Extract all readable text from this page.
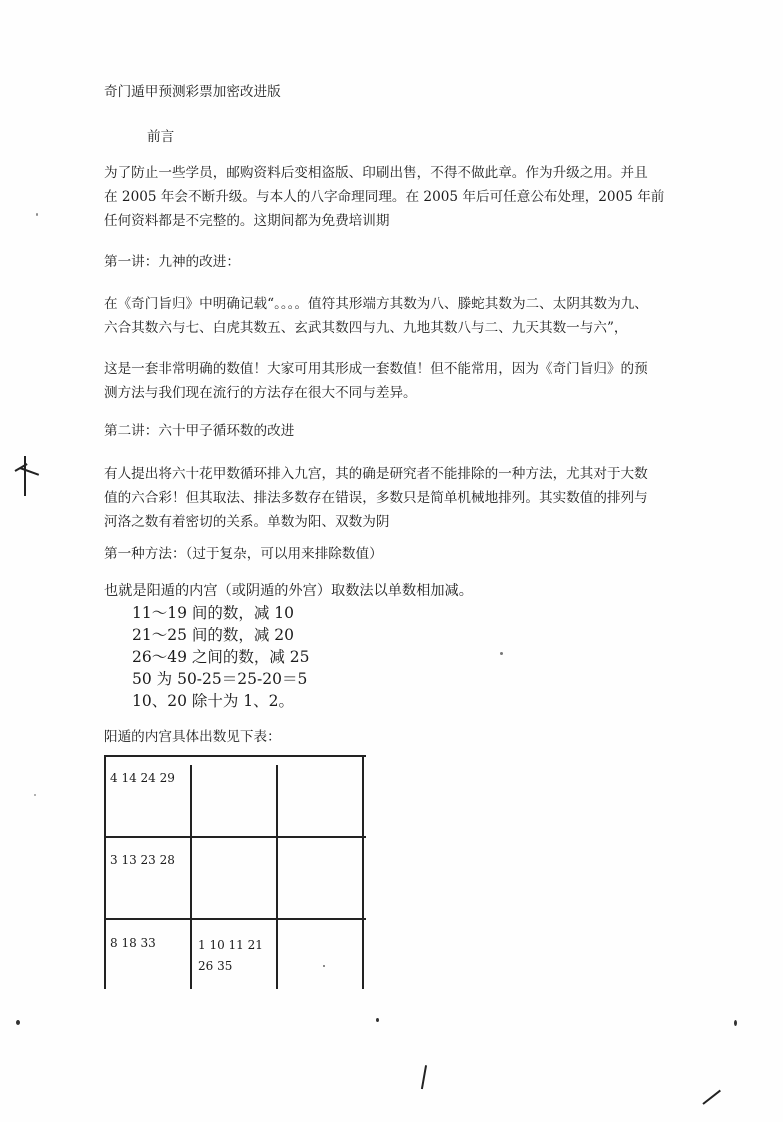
奇门遁甲预测彩票加密改进版
前言
为了防止一些学员，邮购资料后变相盗版、印刷出售，不得不做此章。作为升级之用。并且
在 2005 年会不断升级。与本人的八字命理同理。在 2005 年后可任意公布处理，2005 年前
任何资料都是不完整的。这期间都为免费培训期
第一讲：九神的改进：
在《奇门旨归》中明确记载“。。。。值符其形端方其数为八、滕蛇其数为二、太阴其数为九、
六合其数六与七、白虎其数五、玄武其数四与九、九地其数八与二、九天其数一与六”，
这是一套非常明确的数值！大家可用其形成一套数值！但不能常用，因为《奇门旨归》的预
测方法与我们现在流行的方法存在很大不同与差异。
第二讲：六十甲子循环数的改进
有人提出将六十花甲数循环排入九宫，其的确是研究者不能排除的一种方法，尤其对于大数
值的六合彩！但其取法、排法多数存在错误，多数只是简单机械地排列。其实数值的排列与
河洛之数有着密切的关系。单数为阳、双数为阴
第一种方法：（过于复杂，可以用来排除数值）
也就是阳遁的内宫（或阴遁的外宫）取数法以单数相加减。
11～19 间的数，减 10
21～25 间的数，减 20
26～49 之间的数，减 25
50 为 50-25＝25-20＝5
10、20 除十为 1、2。
阳遁的内宫具体出数见下表：
4 14 24 29
3 13 23 28
8 18 33	1 10 11 21
26 35
